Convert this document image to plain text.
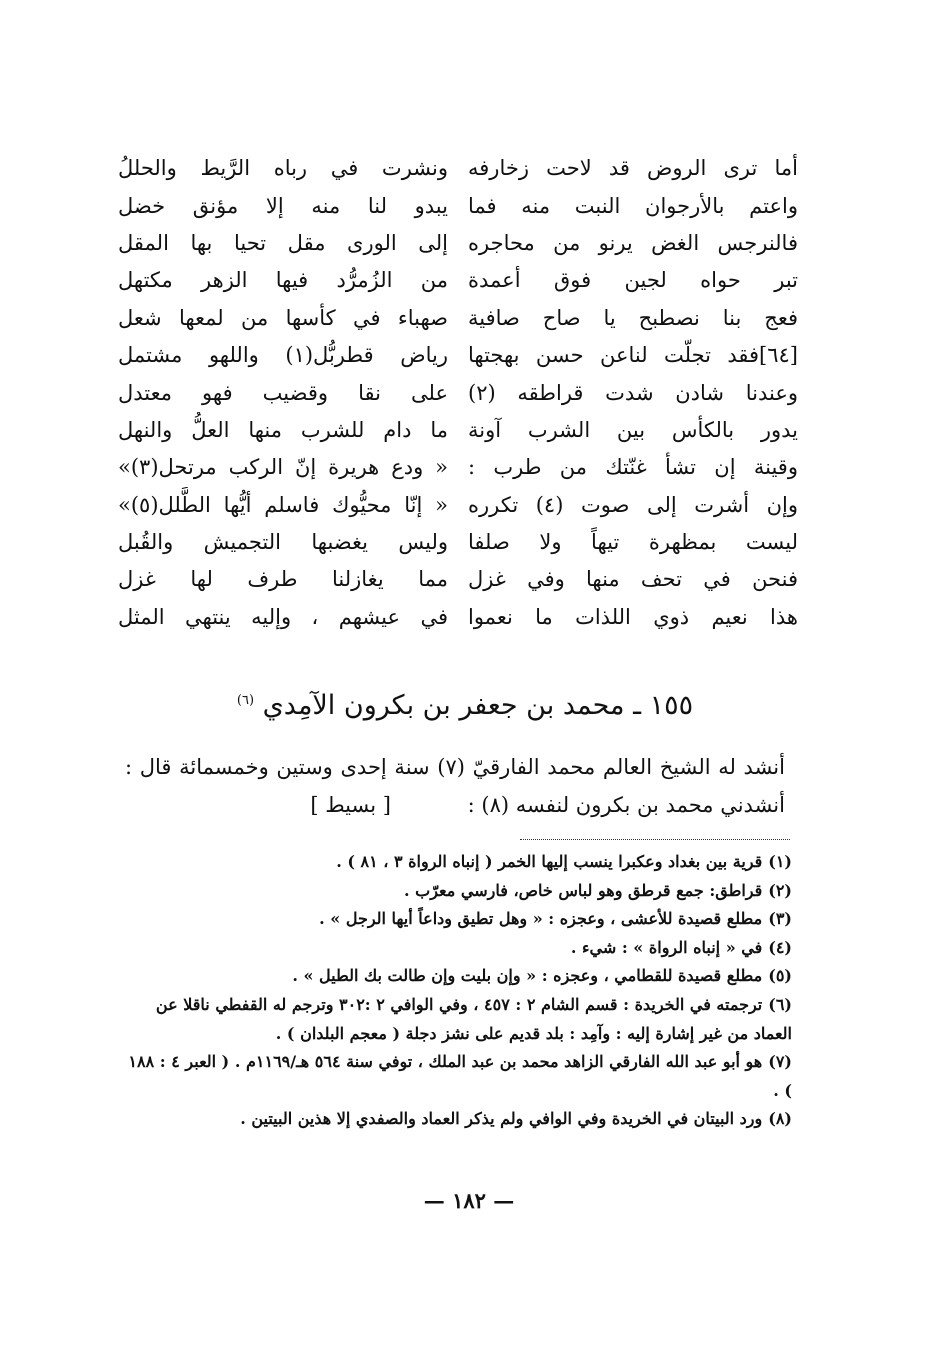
أما ترى الروض قد لاحت زخارفه
ونشرت في رباه الرَّيط والحللُ
واعتم بالأرجوان النبت منه فما
يبدو لنا منه إلا مؤنق خضل
فالنرجس الغض يرنو من محاجره
إلى الورى مقل تحيا بها المقل
تبر حواه لجين فوق أعمدة
من الزُمرُّد فيها الزهر مكتهل
فعج بنا نصطبح يا صاح صافية
صهباء في كأسها من لمعها شعل
[٦٤]فقد تجلّت لناعن حسن بهجتها
رياض قطربُّل(١) واللهو مشتمل
وعندنا شادن شدت قراطقه (٢)
على نقا وقضيب فهو معتدل
يدور بالكأس بين الشرب آونة
ما دام للشرب منها العلُّ والنهل
وقينة إن تشأ غنّتك من طرب :
« ودع هريرة إنّ الركب مرتحل(٣)»
وإن أشرت إلى صوت (٤) تكرره
« إنّا محيُّوك فاسلم أيُّها الطَّلل(٥)»
ليست بمظهرة تيهاً ولا صلفا
وليس يغضبها التجميش والقُبل
فنحن في تحف منها وفي غزل
مما يغازلنا طرف لها غزل
هذا نعيم ذوي اللذات ما نعموا
في عيشهم ، وإليه ينتهي المثل
١٥٥ ـ محمد بن جعفر بن بكرون الآمِدي $^{(٦)}$
أنشد له الشيخ العالم محمد الفارقيّ (٧) سنة إحدى وستين وخمسمائة قال :
أنشدني محمد بن بكرون لنفسه (٨) : [ بسيط ]
(١)قرية بين بغداد وعكبرا ينسب إليها الخمر ( إنباه الرواة ٣ ، ٨١ ) .
(٢)قراطق: جمع قرطق وهو لباس خاص، فارسي معرّب .
(٣)مطلع قصيدة للأعشى ، وعجزه : « وهل تطيق وداعاً أيها الرجل » .
(٤)في « إنباه الرواة » : شيء .
(٥)مطلع قصيدة للقطامي ، وعجزه : « وإن بليت وإن طالت بك الطيل » .
(٦)ترجمته في الخريدة : قسم الشام ٢ : ٤٥٧ ، وفي الوافي ٢ :٣٠٢ وترجم له القفطي ناقلا عن العماد من غير إشارة إليه : وآمِد : بلد قديم على نشز دجلة ( معجم البلدان ) .
(٧)هو أبو عبد الله الفارقي الزاهد محمد بن عبد الملك ، توفي سنة ٥٦٤ هـ/١١٦٩م . ( العبر ٤ : ١٨٨ ) .
(٨)ورد البيتان في الخريدة وفي الوافي ولم يذكر العماد والصفدي إلا هذين البيتين .
— ١٨٢ —
